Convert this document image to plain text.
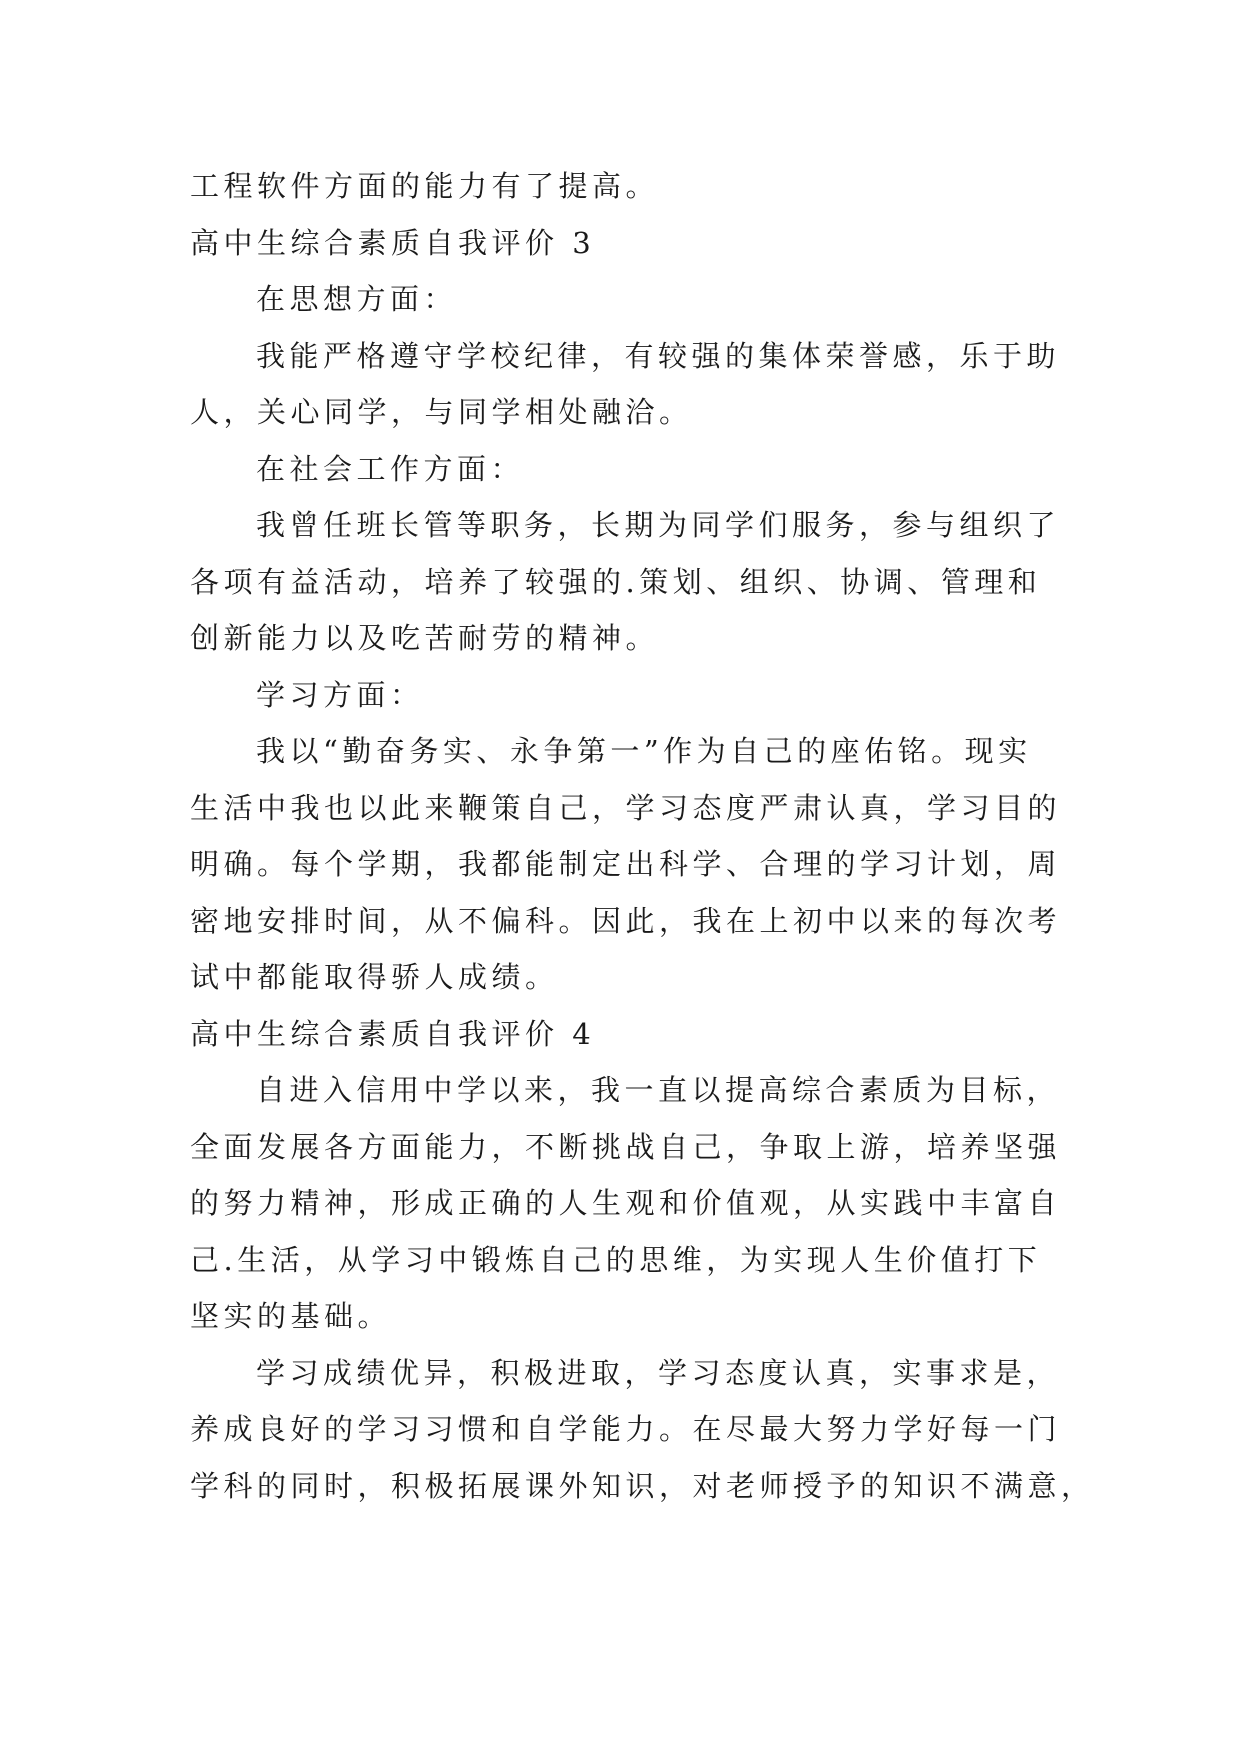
工程软件方面的能力有了提高。
高中生综合素质自我评价 3
在思想方面：
我能严格遵守学校纪律，有较强的集体荣誉感，乐于助
人，关心同学，与同学相处融洽。
在社会工作方面：
我曾任班长管等职务，长期为同学们服务，参与组织了
各项有益活动，培养了较强的.策划、组织、协调、管理和
创新能力以及吃苦耐劳的精神。
学习方面：
我以“勤奋务实、永争第一”作为自己的座佑铭。现实
生活中我也以此来鞭策自己，学习态度严肃认真，学习目的
明确。每个学期，我都能制定出科学、合理的学习计划，周
密地安排时间，从不偏科。因此，我在上初中以来的每次考
试中都能取得骄人成绩。
高中生综合素质自我评价 4
自进入信用中学以来，我一直以提高综合素质为目标，
全面发展各方面能力，不断挑战自己，争取上游，培养坚强
的努力精神，形成正确的人生观和价值观，从实践中丰富自
己.生活，从学习中锻炼自己的思维，为实现人生价值打下
坚实的基础。
学习成绩优异，积极进取，学习态度认真，实事求是，
养成良好的学习习惯和自学能力。在尽最大努力学好每一门
学科的同时，积极拓展课外知识，对老师授予的知识不满意，
